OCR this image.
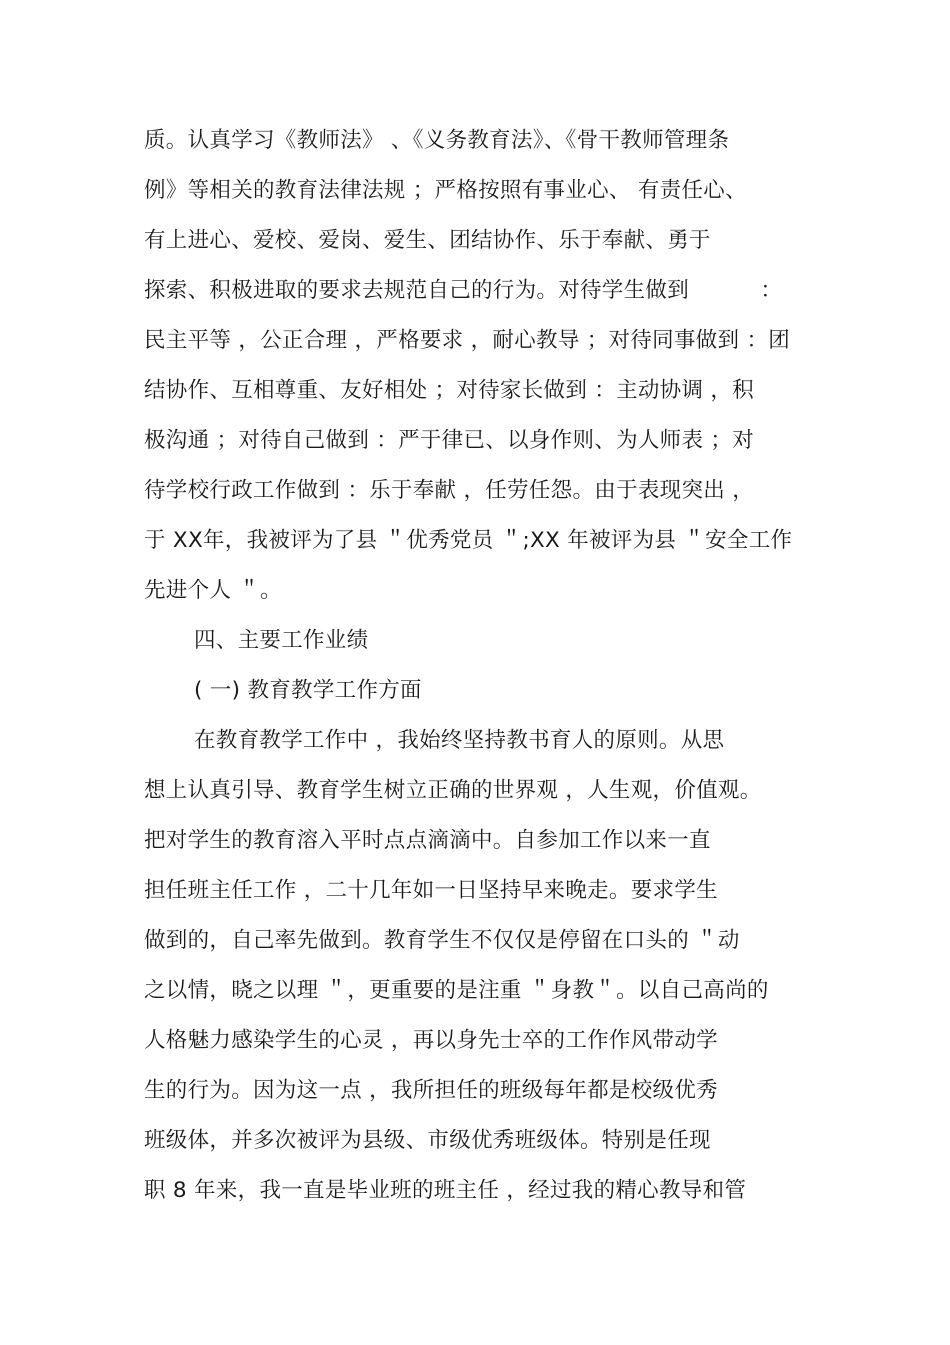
质。认真学习《教师法》 、《义务教育法》、《骨干教师管理条
例》等相关的教育法律法规 ；严格按照有事业心、 有责任心、
有上进心、爱校、爱岗、爱生、团结协作、乐于奉献、勇于
探索、积极进取的要求去规范自己的行为。对待学生做到          ：
民主平等 ，公正合理 ，严格要求 ，耐心教导 ；对待同事做到 ：团
结协作、互相尊重、友好相处 ；对待家长做到 ：主动协调 ，积
极沟通 ；对待自己做到 ：严于律已、以身作则、为人师表 ；对
待学校行政工作做到 ：乐于奉献 ，任劳任怨。由于表现突出 ，
于 XX年，我被评为了县 ＂优秀党员 ＂;XX 年被评为县 ＂安全工作
先进个人 ＂。
四、主要工作业绩
( 一) 教育教学工作方面
在教育教学工作中 ，我始终坚持教书育人的原则。从思
想上认真引导、教育学生树立正确的世界观 ，人生观，价值观。
把对学生的教育溶入平时点点滴滴中。自参加工作以来一直
担任班主任工作 ，二十几年如一日坚持早来晚走。要求学生
做到的，自己率先做到。教育学生不仅仅是停留在口头的 ＂动
之以情，晓之以理 ＂，更重要的是注重 ＂身教＂。以自己高尚的
人格魅力感染学生的心灵 ，再以身先士卒的工作作风带动学
生的行为。因为这一点 ，我所担任的班级每年都是校级优秀
班级体，并多次被评为县级、市级优秀班级体。特别是任现
职 8 年来，我一直是毕业班的班主任 ，经过我的精心教导和管
